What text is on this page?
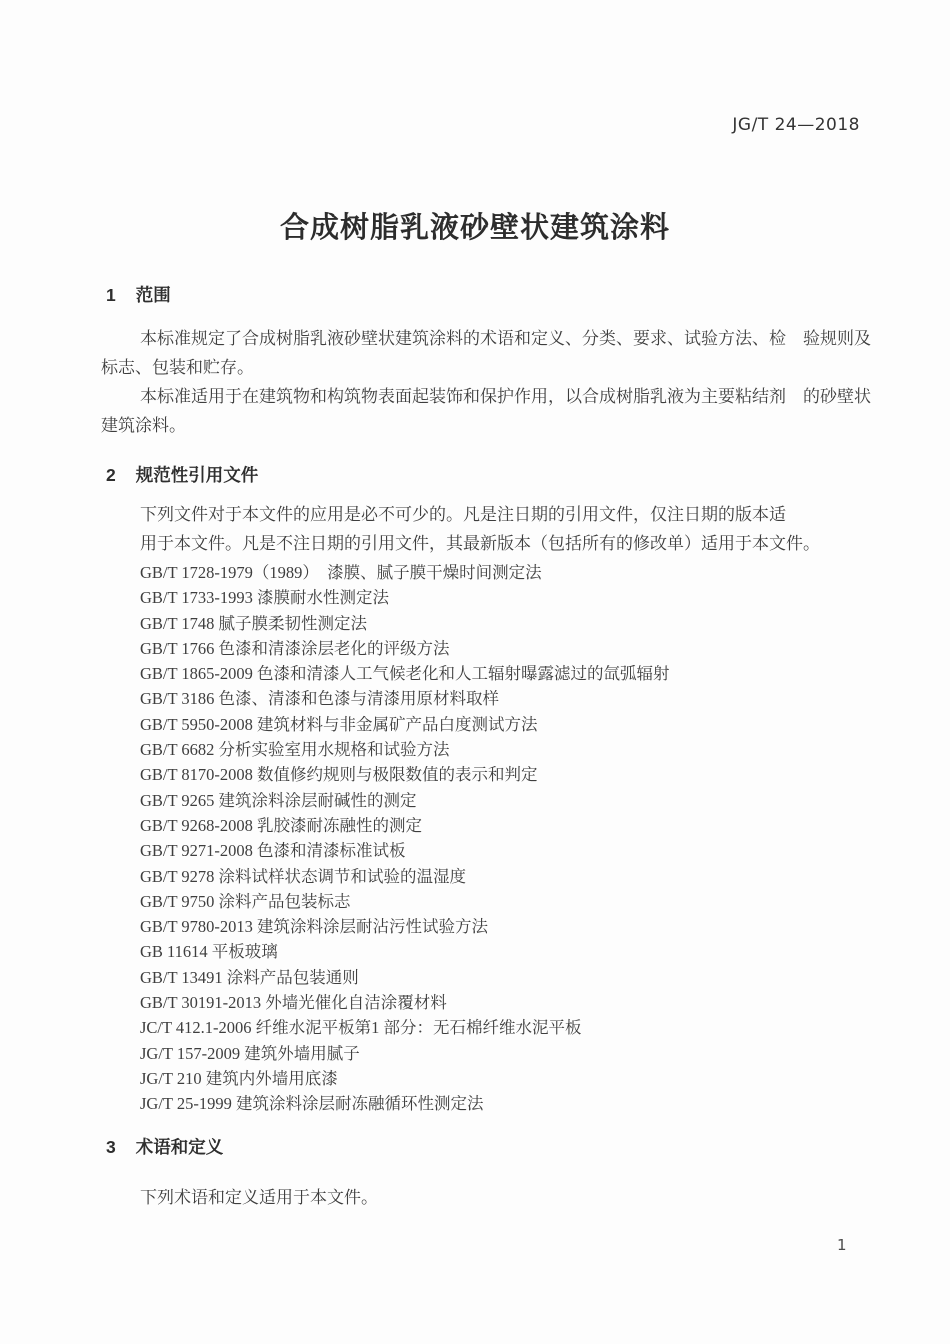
JG/T 24—2018
合成树脂乳液砂壁状建筑涂料
1 范围
本标准规定了合成树脂乳液砂壁状建筑涂料的术语和定义、分类、要求、试验方法、检　验规则及
标志、包装和贮存。
本标准适用于在建筑物和构筑物表面起装饰和保护作用，以合成树脂乳液为主要粘结剂　的砂壁状
建筑涂料。
2 规范性引用文件
下列文件对于本文件的应用是必不可少的。凡是注日期的引用文件，仅注日期的版本适
用于本文件。凡是不注日期的引用文件，其最新版本（包括所有的修改单）适用于本文件。
GB/T 1728-1979（1989）　漆膜、腻子膜干燥时间测定法
GB/T 1733-1993 漆膜耐水性测定法
GB/T 1748 腻子膜柔韧性测定法
GB/T 1766 色漆和清漆涂层老化的评级方法
GB/T 1865-2009 色漆和清漆人工气候老化和人工辐射曝露滤过的氙弧辐射
GB/T 3186 色漆、清漆和色漆与清漆用原材料取样
GB/T 5950-2008 建筑材料与非金属矿产品白度测试方法
GB/T 6682 分析实验室用水规格和试验方法
GB/T 8170-2008 数值修约规则与极限数值的表示和判定
GB/T 9265 建筑涂料涂层耐碱性的测定
GB/T 9268-2008 乳胶漆耐冻融性的测定
GB/T 9271-2008 色漆和清漆标准试板
GB/T 9278 涂料试样状态调节和试验的温湿度
GB/T 9750 涂料产品包装标志
GB/T 9780-2013 建筑涂料涂层耐沾污性试验方法
GB 11614 平板玻璃
GB/T 13491 涂料产品包装通则
GB/T 30191-2013 外墙光催化自洁涂覆材料
JC/T 412.1-2006 纤维水泥平板第1 部分：无石棉纤维水泥平板
JG/T 157-2009 建筑外墙用腻子
JG/T 210 建筑内外墙用底漆
JG/T 25-1999 建筑涂料涂层耐冻融循环性测定法
3 术语和定义
下列术语和定义适用于本文件。
1
